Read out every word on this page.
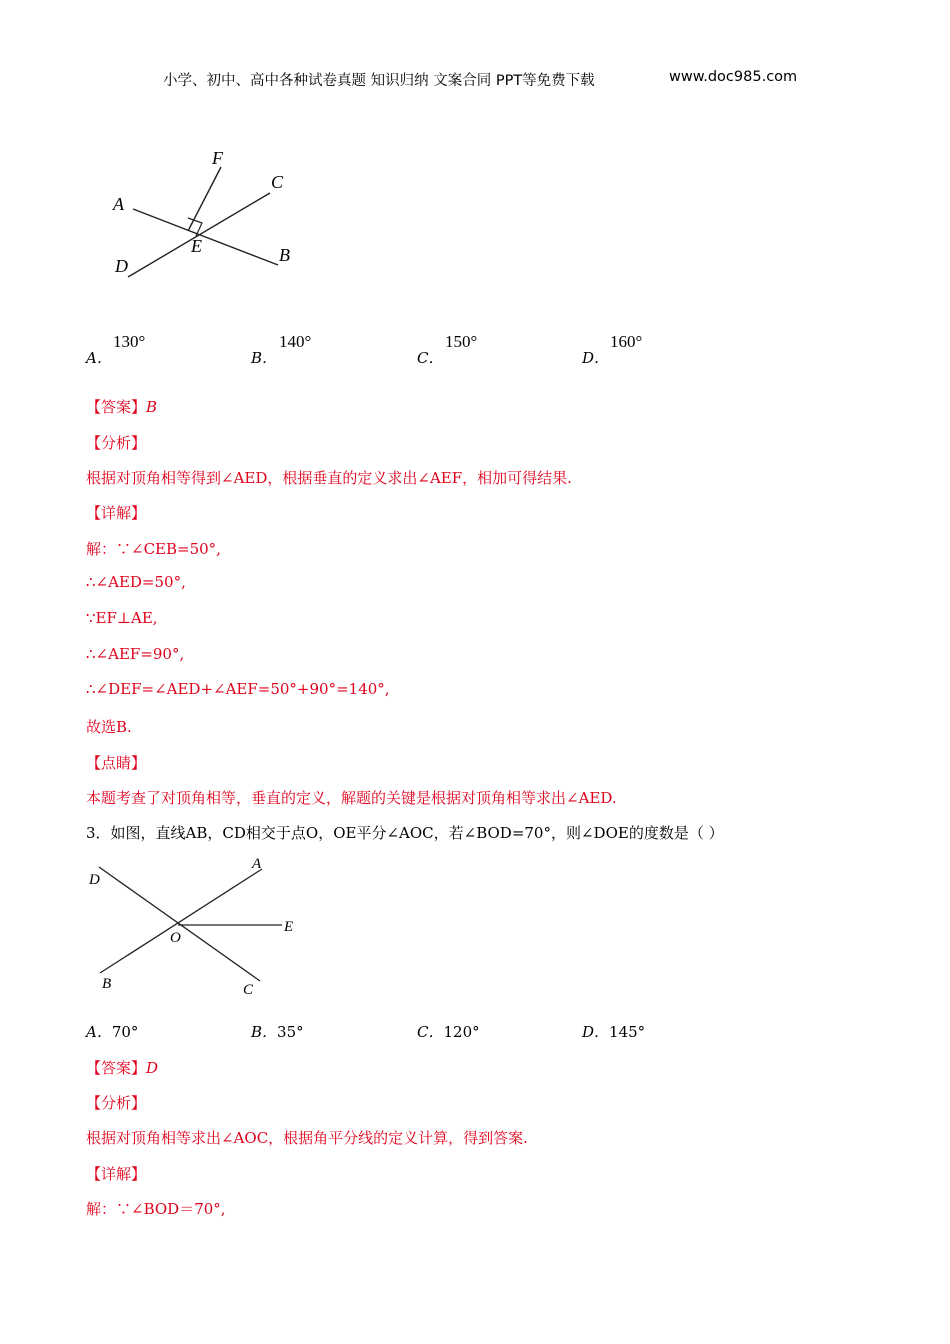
小学、初中、高中各种试卷真题 知识归纳 文案合同 PPT等免费下载	www.doc985.com
A
F
C
E	B
D
A．
130°
B．
140°
C．
150°
D．
160°
【答案】B
【分析】
根据对顶角相等得到∠AED，根据垂直的定义求出∠AEF，相加可得结果.
【详解】
解：∵∠CEB=50°,
∴∠AED=50°,
∵EF⊥AE,
∴∠AEF=90°,
∴∠DEF=∠AED+∠AEF=50°+90°=140°,
故选B.
【点睛】
本题考查了对顶角相等，垂直的定义，解题的关键是根据对顶角相等求出∠AED.
3．如图，直线AB，CD相交于点O，OE平分∠AOC，若∠BOD=70°，则∠DOE的度数是（ ）
D
A
E
O
B	C
A．70°	B．35°	C．120°	D．145°
【答案】D
【分析】
根据对顶角相等求出∠AOC，根据角平分线的定义计算，得到答案.
【详解】
解：∵∠BOD＝70°,
